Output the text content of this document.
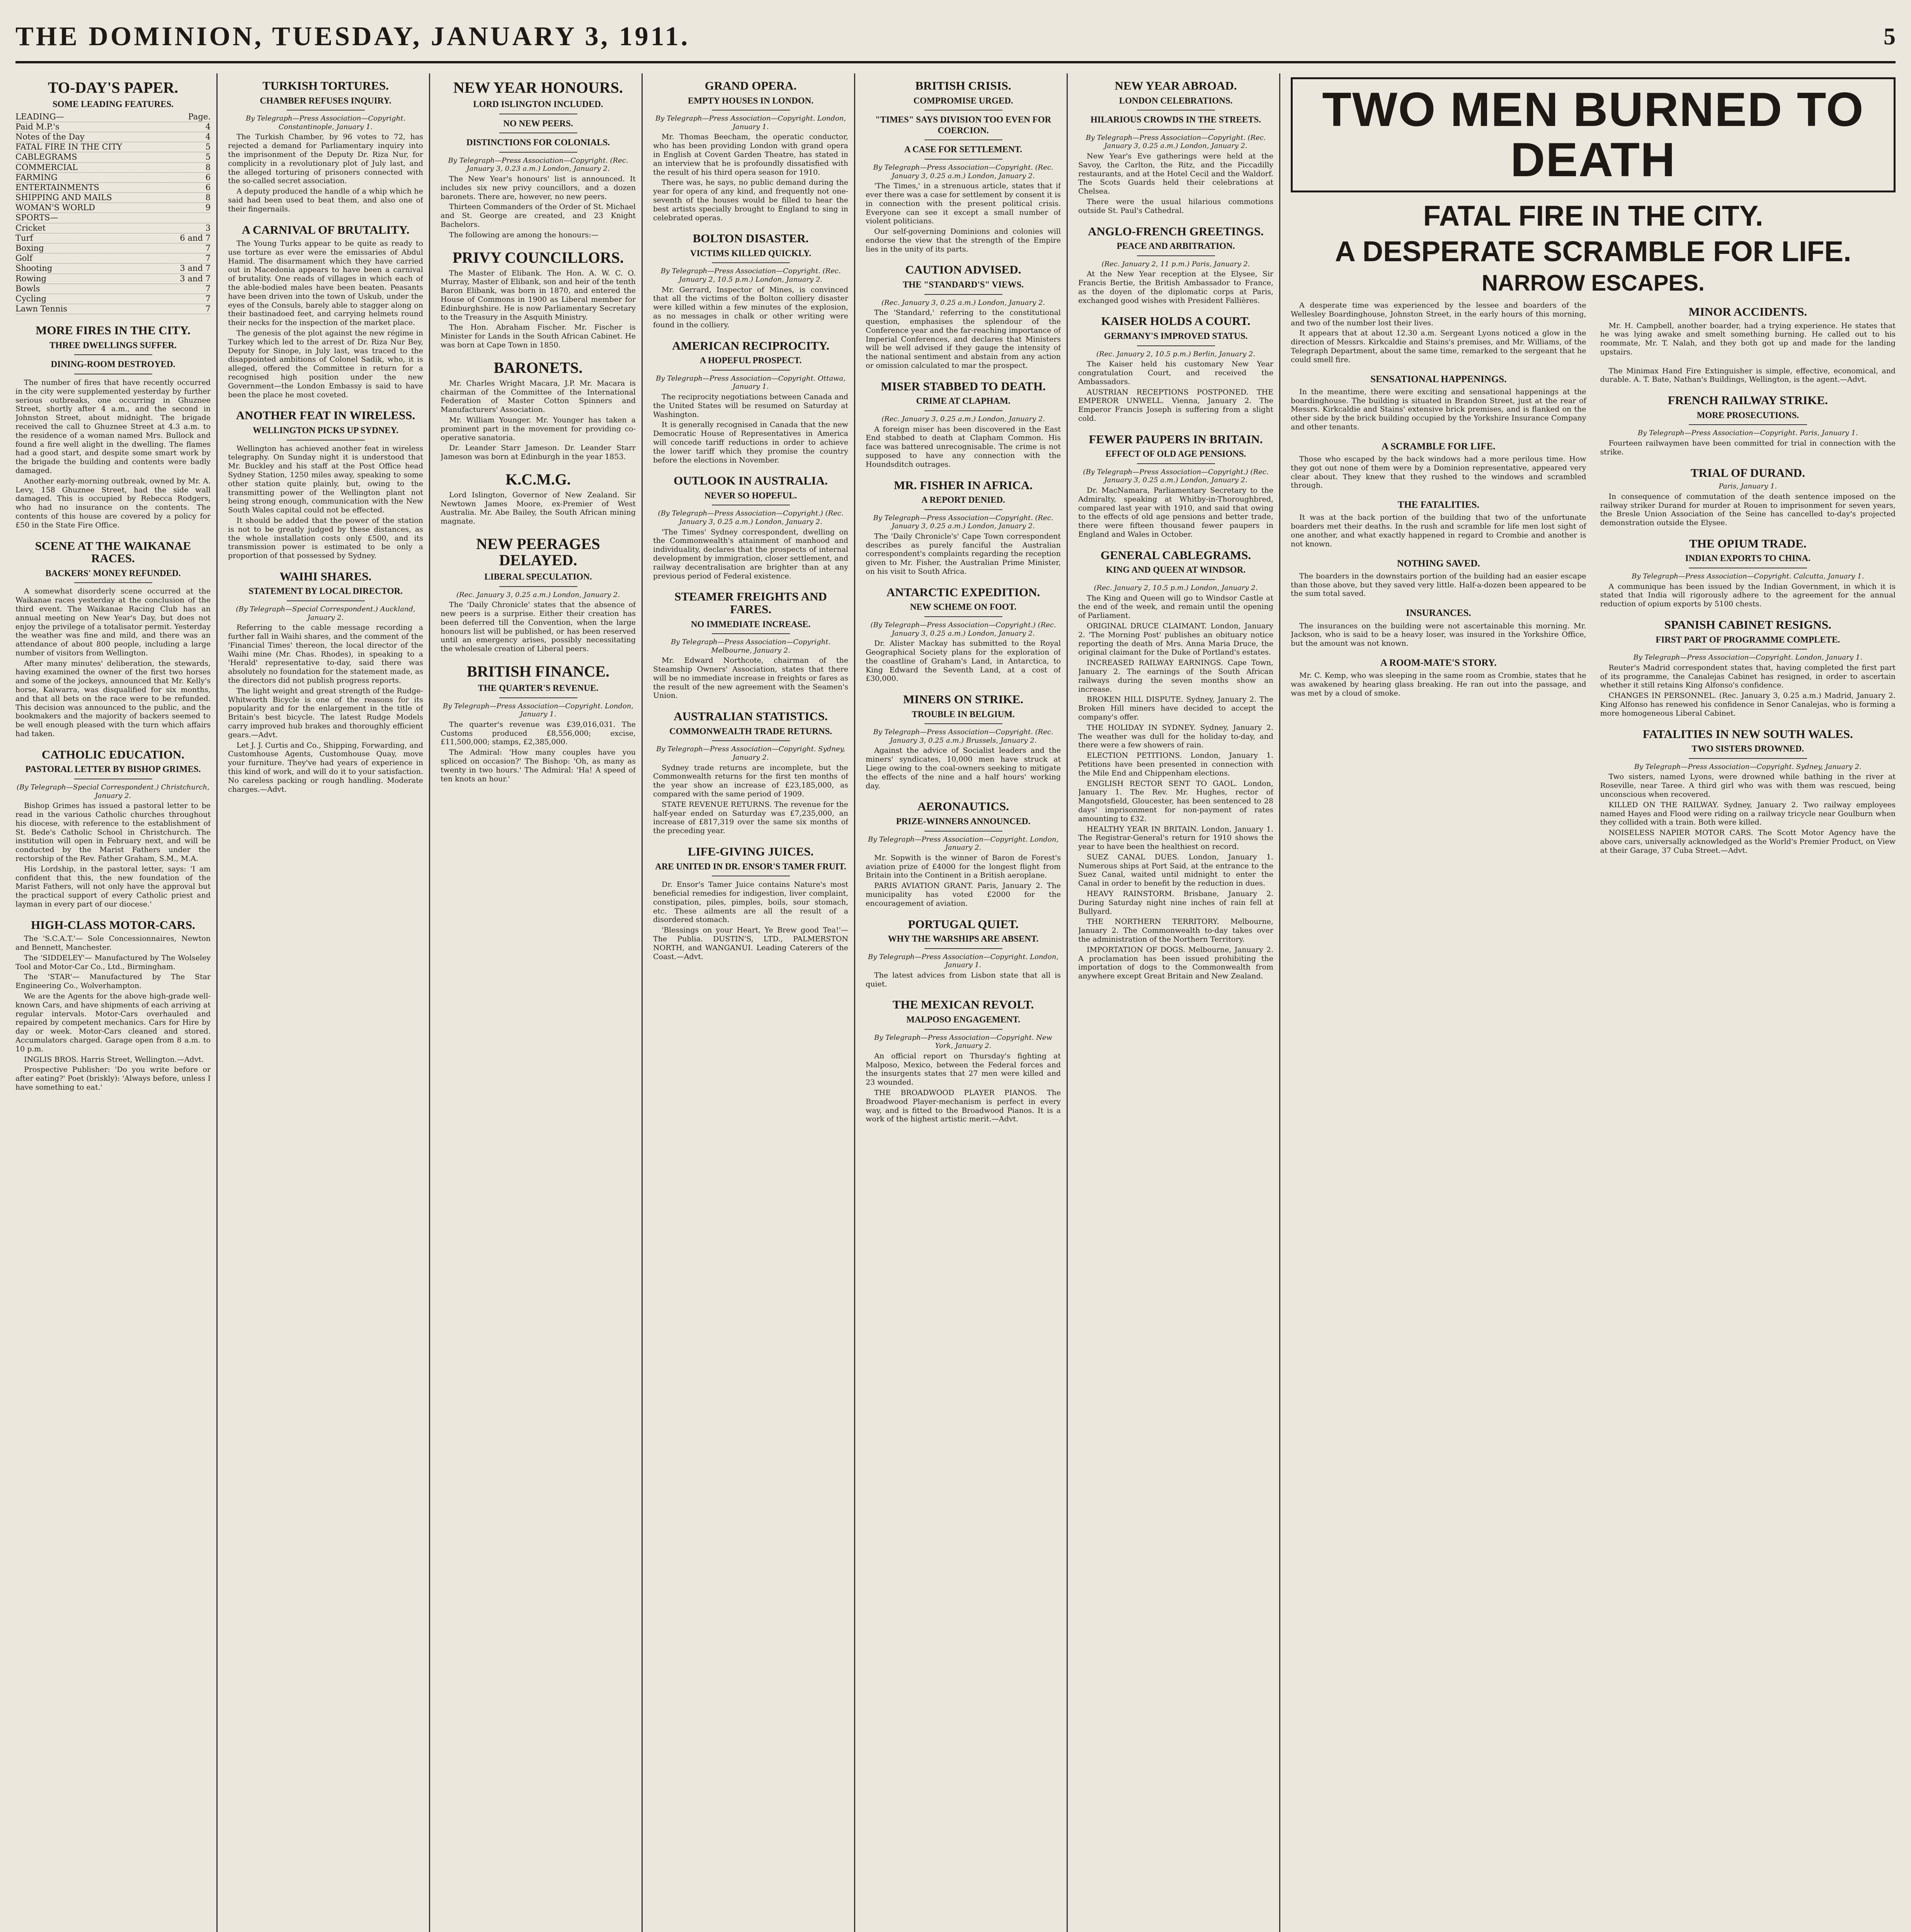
THE DOMINION, TUESDAY, JANUARY 3, 1911.	5
TO-DAY'S PAPER.
SOME LEADING FEATURES.
LEADING—	Page.
Paid M.P.'s	4
Notes of the Day	4
FATAL FIRE IN THE CITY	5
CABLEGRAMS	5
COMMERCIAL	8
FARMING	6
ENTERTAINMENTS	6
SHIPPING AND MAILS	8
WOMAN'S WORLD	9
SPORTS—
Cricket	3
Turf	6 and 7
Boxing	7
Golf	7
Shooting	3 and 7
Rowing	3 and 7
Bowls	7
Cycling	7
Lawn Tennis	7
MORE FIRES IN THE CITY.
THREE DWELLINGS SUFFER.
DINING-ROOM DESTROYED.

The number of fires that have recently occurred in the city were supplemented yesterday by further serious outbreaks, one occurring in Ghuznee Street, shortly after 4 a.m., and the second in Johnston Street, about midnight. The brigade received the call to Ghuznee Street at 4.3 a.m. to the residence of a woman named Mrs. Bullock and found a fire well alight in the dwelling. The flames had a good start, and despite some smart work by the brigade the building and contents were badly damaged.

Another early-morning outbreak, owned by Mr. A. Levy, 158 Ghuznee Street, had the side wall damaged. This is occupied by Rebecca Rodgers, who had no insurance on the contents. The contents of this house are covered by a policy for £50 in the State Fire Office.

SCENE AT THE WAIKANAE RACES.
BACKERS' MONEY REFUNDED.

A somewhat disorderly scene occurred at the Waikanae races yesterday at the conclusion of the third event. The Waikanae Racing Club has an annual meeting on New Year's Day, but does not enjoy the privilege of a totalisator permit. Yesterday the weather was fine and mild, and there was an attendance of about 800 people, including a large number of visitors from Wellington.

After many minutes' deliberation, the stewards, having examined the owner of the first two horses and some of the jockeys, announced that Mr. Kelly's horse, Kaiwarra, was disqualified for six months, and that all bets on the race were to be refunded. This decision was announced to the public, and the bookmakers and the majority of backers seemed to be well enough pleased with the turn which affairs had taken.

CATHOLIC EDUCATION.
PASTORAL LETTER BY BISHOP GRIMES.
(By Telegraph—Special Correspondent.) Christchurch, January 2.

Bishop Grimes has issued a pastoral letter to be read in the various Catholic churches throughout his diocese, with reference to the establishment of St. Bede's Catholic School in Christchurch. The institution will open in February next, and will be conducted by the Marist Fathers under the rectorship of the Rev. Father Graham, S.M., M.A.

His Lordship, in the pastoral letter, says: 'I am confident that this, the new foundation of the Marist Fathers, will not only have the approval but the practical support of every Catholic priest and layman in every part of our diocese.'

HIGH-CLASS MOTOR-CARS.

The 'S.C.A.T.'— Sole Concessionnaires, Newton and Bennett, Manchester.

The 'SIDDELEY'— Manufactured by The Wolseley Tool and Motor-Car Co., Ltd., Birmingham.

The 'STAR'— Manufactured by The Star Engineering Co., Wolverhampton.

We are the Agents for the above high-grade well-known Cars, and have shipments of each arriving at regular intervals. Motor-Cars overhauled and repaired by competent mechanics. Cars for Hire by day or week. Motor-Cars cleaned and stored. Accumulators charged. Garage open from 8 a.m. to 10 p.m.

INGLIS BROS. Harris Street, Wellington.—Advt.

Prospective Publisher: 'Do you write before or after eating?' Poet (briskly): 'Always before, unless I have something to eat.'

TURKISH TORTURES.
CHAMBER REFUSES INQUIRY.
By Telegraph—Press Association—Copyright. Constantinople, January 1.

The Turkish Chamber, by 96 votes to 72, has rejected a demand for Parliamentary inquiry into the imprisonment of the Deputy Dr. Riza Nur, for complicity in a revolutionary plot of July last, and the alleged torturing of prisoners connected with the so-called secret association.

A deputy produced the handle of a whip which he said had been used to beat them, and also one of their fingernails.

A CARNIVAL OF BRUTALITY.

The Young Turks appear to be quite as ready to use torture as ever were the emissaries of Abdul Hamid. The disarmament which they have carried out in Macedonia appears to have been a carnival of brutality. One reads of villages in which each of the able-bodied males have been beaten. Peasants have been driven into the town of Uskub, under the eyes of the Consuls, barely able to stagger along on their bastinadoed feet, and carrying helmets round their necks for the inspection of the market place.

The genesis of the plot against the new régime in Turkey which led to the arrest of Dr. Riza Nur Bey, Deputy for Sinope, in July last, was traced to the disappointed ambitions of Colonel Sadik, who, it is alleged, offered the Committee in return for a recognised high position under the new Government—the London Embassy is said to have been the place he most coveted.

ANOTHER FEAT IN WIRELESS.
WELLINGTON PICKS UP SYDNEY.

Wellington has achieved another feat in wireless telegraphy. On Sunday night it is understood that Mr. Buckley and his staff at the Post Office head Sydney Station, 1250 miles away, speaking to some other station quite plainly, but, owing to the transmitting power of the Wellington plant not being strong enough, communication with the New South Wales capital could not be effected.

It should be added that the power of the station is not to be greatly judged by these distances, as the whole installation costs only £500, and its transmission power is estimated to be only a proportion of that possessed by Sydney.

WAIHI SHARES.
STATEMENT BY LOCAL DIRECTOR.
(By Telegraph—Special Correspondent.) Auckland, January 2.

Referring to the cable message recording a further fall in Waihi shares, and the comment of the 'Financial Times' thereon, the local director of the Waihi mine (Mr. Chas. Rhodes), in speaking to a 'Herald' representative to-day, said there was absolutely no foundation for the statement made, as the directors did not publish progress reports.

The light weight and great strength of the Rudge-Whitworth Bicycle is one of the reasons for its popularity and for the enlargement in the title of Britain's best bicycle. The latest Rudge Models carry improved hub brakes and thoroughly efficient gears.—Advt.

Let J. J. Curtis and Co., Shipping, Forwarding, and Customhouse Agents, Customhouse Quay, move your furniture. They've had years of experience in this kind of work, and will do it to your satisfaction. No careless packing or rough handling. Moderate charges.—Advt.

NEW YEAR HONOURS.
LORD ISLINGTON INCLUDED.
NO NEW PEERS.
DISTINCTIONS FOR COLONIALS.
By Telegraph—Press Association—Copyright. (Rec. January 3, 0.23 a.m.) London, January 2.

The New Year's honours' list is announced. It includes six new privy councillors, and a dozen baronets. There are, however, no new peers.

Thirteen Commanders of the Order of St. Michael and St. George are created, and 23 Knight Bachelors.

The following are among the honours:—

PRIVY COUNCILLORS.

The Master of Elibank. The Hon. A. W. C. O. Murray, Master of Elibank, son and heir of the tenth Baron Elibank, was born in 1870, and entered the House of Commons in 1900 as Liberal member for Edinburghshire. He is now Parliamentary Secretary to the Treasury in the Asquith Ministry.

The Hon. Abraham Fischer. Mr. Fischer is Minister for Lands in the South African Cabinet. He was born at Cape Town in 1850.

BARONETS.

Mr. Charles Wright Macara, J.P. Mr. Macara is chairman of the Committee of the International Federation of Master Cotton Spinners and Manufacturers' Association.

Mr. William Younger. Mr. Younger has taken a prominent part in the movement for providing co-operative sanatoria.

Dr. Leander Starr Jameson. Dr. Leander Starr Jameson was born at Edinburgh in the year 1853.

K.C.M.G.

Lord Islington, Governor of New Zealand. Sir Newtown James Moore, ex-Premier of West Australia. Mr. Abe Bailey, the South African mining magnate.

NEW PEERAGES DELAYED.
LIBERAL SPECULATION.
(Rec. January 3, 0.25 a.m.) London, January 2.

The 'Daily Chronicle' states that the absence of new peers is a surprise. Either their creation has been deferred till the Convention, when the large honours list will be published, or has been reserved until an emergency arises, possibly necessitating the wholesale creation of Liberal peers.

BRITISH FINANCE.
THE QUARTER'S REVENUE.
By Telegraph—Press Association—Copyright. London, January 1.

The quarter's revenue was £39,016,031. The Customs produced £8,556,000; excise, £11,500,000; stamps, £2,385,000.

The Admiral: 'How many couples have you spliced on occasion?' The Bishop: 'Oh, as many as twenty in two hours.' The Admiral: 'Ha! A speed of ten knots an hour.'

GRAND OPERA.
EMPTY HOUSES IN LONDON.
By Telegraph—Press Association—Copyright. London, January 1.

Mr. Thomas Beecham, the operatic conductor, who has been providing London with grand opera in English at Covent Garden Theatre, has stated in an interview that he is profoundly dissatisfied with the result of his third opera season for 1910.

There was, he says, no public demand during the year for opera of any kind, and frequently not one-seventh of the houses would be filled to hear the best artists specially brought to England to sing in celebrated operas.

BOLTON DISASTER.
VICTIMS KILLED QUICKLY.
By Telegraph—Press Association—Copyright. (Rec. January 2, 10.5 p.m.) London, January 2.

Mr. Gerrard, Inspector of Mines, is convinced that all the victims of the Bolton colliery disaster were killed within a few minutes of the explosion, as no messages in chalk or other writing were found in the colliery.

AMERICAN RECIPROCITY.
A HOPEFUL PROSPECT.
By Telegraph—Press Association—Copyright. Ottawa, January 1.

The reciprocity negotiations between Canada and the United States will be resumed on Saturday at Washington.

It is generally recognised in Canada that the new Democratic House of Representatives in America will concede tariff reductions in order to achieve the lower tariff which they promise the country before the elections in November.

OUTLOOK IN AUSTRALIA.
NEVER SO HOPEFUL.
(By Telegraph—Press Association—Copyright.) (Rec. January 3, 0.25 a.m.) London, January 2.

'The Times' Sydney correspondent, dwelling on the Commonwealth's attainment of manhood and individuality, declares that the prospects of internal development by immigration, closer settlement, and railway decentralisation are brighter than at any previous period of Federal existence.

STEAMER FREIGHTS AND FARES.
NO IMMEDIATE INCREASE.
By Telegraph—Press Association—Copyright. Melbourne, January 2.

Mr. Edward Northcote, chairman of the Steamship Owners' Association, states that there will be no immediate increase in freights or fares as the result of the new agreement with the Seamen's Union.

AUSTRALIAN STATISTICS.
COMMONWEALTH TRADE RETURNS.
By Telegraph—Press Association—Copyright. Sydney, January 2.

Sydney trade returns are incomplete, but the Commonwealth returns for the first ten months of the year show an increase of £23,185,000, as compared with the same period of 1909.

STATE REVENUE RETURNS. The revenue for the half-year ended on Saturday was £7,235,000, an increase of £817,319 over the same six months of the preceding year.

LIFE-GIVING JUICES.
ARE UNITED IN DR. ENSOR'S TAMER FRUIT.

Dr. Ensor's Tamer Juice contains Nature's most beneficial remedies for indigestion, liver complaint, constipation, piles, pimples, boils, sour stomach, etc. These ailments are all the result of a disordered stomach.

'Blessings on your Heart, Ye Brew good Tea!'—The Publia. DUSTIN'S, LTD., PALMERSTON NORTH, and WANGANUI. Leading Caterers of the Coast.—Advt.

BRITISH CRISIS.
COMPROMISE URGED.
"TIMES" SAYS DIVISION TOO EVEN FOR COERCION.
A CASE FOR SETTLEMENT.
By Telegraph—Press Association—Copyright. (Rec. January 3, 0.25 a.m.) London, January 2.

'The Times,' in a strenuous article, states that if ever there was a case for settlement by consent it is in connection with the present political crisis. Everyone can see it except a small number of violent politicians.

Our self-governing Dominions and colonies will endorse the view that the strength of the Empire lies in the unity of its parts.

CAUTION ADVISED.
THE "STANDARD'S" VIEWS.
(Rec. January 3, 0.25 a.m.) London, January 2.

The 'Standard,' referring to the constitutional question, emphasises the splendour of the Conference year and the far-reaching importance of Imperial Conferences, and declares that Ministers will be well advised if they gauge the intensity of the national sentiment and abstain from any action or omission calculated to mar the prospect.

MISER STABBED TO DEATH.
CRIME AT CLAPHAM.
(Rec. January 3, 0.25 a.m.) London, January 2.

A foreign miser has been discovered in the East End stabbed to death at Clapham Common. His face was battered unrecognisable. The crime is not supposed to have any connection with the Houndsditch outrages.

MR. FISHER IN AFRICA.
A REPORT DENIED.
By Telegraph—Press Association—Copyright. (Rec. January 3, 0.25 a.m.) London, January 2.

The 'Daily Chronicle's' Cape Town correspondent describes as purely fanciful the Australian correspondent's complaints regarding the reception given to Mr. Fisher, the Australian Prime Minister, on his visit to South Africa.

ANTARCTIC EXPEDITION.
NEW SCHEME ON FOOT.
(By Telegraph—Press Association—Copyright.) (Rec. January 3, 0.25 a.m.) London, January 2.

Dr. Alister Mackay has submitted to the Royal Geographical Society plans for the exploration of the coastline of Graham's Land, in Antarctica, to King Edward the Seventh Land, at a cost of £30,000.

MINERS ON STRIKE.
TROUBLE IN BELGIUM.
By Telegraph—Press Association—Copyright. (Rec. January 3, 0.25 a.m.) Brussels, January 2.

Against the advice of Socialist leaders and the miners' syndicates, 10,000 men have struck at Liege owing to the coal-owners seeking to mitigate the effects of the nine and a half hours' working day.

AERONAUTICS.
PRIZE-WINNERS ANNOUNCED.
By Telegraph—Press Association—Copyright. London, January 2.

Mr. Sopwith is the winner of Baron de Forest's aviation prize of £4000 for the longest flight from Britain into the Continent in a British aeroplane.

PARIS AVIATION GRANT. Paris, January 2. The municipality has voted £2000 for the encouragement of aviation.

PORTUGAL QUIET.
WHY THE WARSHIPS ARE ABSENT.
By Telegraph—Press Association—Copyright. London, January 1.

The latest advices from Lisbon state that all is quiet.

THE MEXICAN REVOLT.
MALPOSO ENGAGEMENT.
By Telegraph—Press Association—Copyright. New York, January 2.

An official report on Thursday's fighting at Malposo, Mexico, between the Federal forces and the insurgents states that 27 men were killed and 23 wounded.

THE BROADWOOD PLAYER PIANOS. The Broadwood Player-mechanism is perfect in every way, and is fitted to the Broadwood Pianos. It is a work of the highest artistic merit.—Advt.

NEW YEAR ABROAD.
LONDON CELEBRATIONS.
HILARIOUS CROWDS IN THE STREETS.
By Telegraph—Press Association—Copyright. (Rec. January 3, 0.25 a.m.) London, January 2.

New Year's Eve gatherings were held at the Savoy, the Carlton, the Ritz, and the Piccadilly restaurants, and at the Hotel Cecil and the Waldorf. The Scots Guards held their celebrations at Chelsea.

There were the usual hilarious commotions outside St. Paul's Cathedral.

ANGLO-FRENCH GREETINGS.
PEACE AND ARBITRATION.
(Rec. January 2, 11 p.m.) Paris, January 2.

At the New Year reception at the Elysee, Sir Francis Bertie, the British Ambassador to France, as the doyen of the diplomatic corps at Paris, exchanged good wishes with President Fallières.

KAISER HOLDS A COURT.
GERMANY'S IMPROVED STATUS.
(Rec. January 2, 10.5 p.m.) Berlin, January 2.

The Kaiser held his customary New Year congratulation Court, and received the Ambassadors.

AUSTRIAN RECEPTIONS POSTPONED. THE EMPEROR UNWELL. Vienna, January 2. The Emperor Francis Joseph is suffering from a slight cold.

FEWER PAUPERS IN BRITAIN.
EFFECT OF OLD AGE PENSIONS.
(By Telegraph—Press Association—Copyright.) (Rec. January 3, 0.25 a.m.) London, January 2.

Dr. MacNamara, Parliamentary Secretary to the Admiralty, speaking at Whitby-in-Thoroughbred, compared last year with 1910, and said that owing to the effects of old age pensions and better trade, there were fifteen thousand fewer paupers in England and Wales in October.

GENERAL CABLEGRAMS.
KING AND QUEEN AT WINDSOR.
(Rec. January 2, 10.5 p.m.) London, January 2.

The King and Queen will go to Windsor Castle at the end of the week, and remain until the opening of Parliament.

ORIGINAL DRUCE CLAIMANT. London, January 2. 'The Morning Post' publishes an obituary notice reporting the death of Mrs. Anna Maria Druce, the original claimant for the Duke of Portland's estates.

INCREASED RAILWAY EARNINGS. Cape Town, January 2. The earnings of the South African railways during the seven months show an increase.

BROKEN HILL DISPUTE. Sydney, January 2. The Broken Hill miners have decided to accept the company's offer.

THE HOLIDAY IN SYDNEY. Sydney, January 2. The weather was dull for the holiday to-day, and there were a few showers of rain.

ELECTION PETITIONS. London, January 1. Petitions have been presented in connection with the Mile End and Chippenham elections.

ENGLISH RECTOR SENT TO GAOL. London, January 1. The Rev. Mr. Hughes, rector of Mangotsfield, Gloucester, has been sentenced to 28 days' imprisonment for non-payment of rates amounting to £32.

HEALTHY YEAR IN BRITAIN. London, January 1. The Registrar-General's return for 1910 shows the year to have been the healthiest on record.

SUEZ CANAL DUES. London, January 1. Numerous ships at Port Said, at the entrance to the Suez Canal, waited until midnight to enter the Canal in order to benefit by the reduction in dues.

HEAVY RAINSTORM. Brisbane, January 2. During Saturday night nine inches of rain fell at Bullyard.

THE NORTHERN TERRITORY. Melbourne, January 2. The Commonwealth to-day takes over the administration of the Northern Territory.

IMPORTATION OF DOGS. Melbourne, January 2. A proclamation has been issued prohibiting the importation of dogs to the Commonwealth from anywhere except Great Britain and New Zealand.

TWO MEN BURNED TO DEATH
FATAL FIRE IN THE CITY.
A DESPERATE SCRAMBLE FOR LIFE.
NARROW ESCAPES.

A desperate time was experienced by the lessee and boarders of the Wellesley Boardinghouse, Johnston Street, in the early hours of this morning, and two of the number lost their lives.

It appears that at about 12.30 a.m. Sergeant Lyons noticed a glow in the direction of Messrs. Kirkcaldie and Stains's premises, and Mr. Williams, of the Telegraph Department, about the same time, remarked to the sergeant that he could smell fire.

SENSATIONAL HAPPENINGS.

In the meantime, there were exciting and sensational happenings at the boardinghouse. The building is situated in Brandon Street, just at the rear of Messrs. Kirkcaldie and Stains' extensive brick premises, and is flanked on the other side by the brick building occupied by the Yorkshire Insurance Company and other tenants.

A SCRAMBLE FOR LIFE.

Those who escaped by the back windows had a more perilous time. How they got out none of them were by a Dominion representative, appeared very clear about. They knew that they rushed to the windows and scrambled through.

THE FATALITIES.

It was at the back portion of the building that two of the unfortunate boarders met their deaths. In the rush and scramble for life men lost sight of one another, and what exactly happened in regard to Crombie and another is not known.

NOTHING SAVED.

The boarders in the downstairs portion of the building had an easier escape than those above, but they saved very little. Half-a-dozen been appeared to be the sum total saved.

INSURANCES.

The insurances on the building were not ascertainable this morning. Mr. Jackson, who is said to be a heavy loser, was insured in the Yorkshire Office, but the amount was not known.

A ROOM-MATE'S STORY.

Mr. C. Kemp, who was sleeping in the same room as Crombie, states that he was awakened by hearing glass breaking. He ran out into the passage, and was met by a cloud of smoke.

MINOR ACCIDENTS.

Mr. H. Campbell, another boarder, had a trying experience. He states that he was lying awake and smelt something burning. He called out to his roommate, Mr. T. Nalah, and they both got up and made for the landing upstairs.

The Minimax Hand Fire Extinguisher is simple, effective, economical, and durable. A. T. Bate, Nathan's Buildings, Wellington, is the agent.—Advt.

FRENCH RAILWAY STRIKE.
MORE PROSECUTIONS.
By Telegraph—Press Association—Copyright. Paris, January 1.

Fourteen railwaymen have been committed for trial in connection with the strike.

TRIAL OF DURAND.
Paris, January 1.

In consequence of commutation of the death sentence imposed on the railway striker Durand for murder at Rouen to imprisonment for seven years, the Bresle Union Association of the Seine has cancelled to-day's projected demonstration outside the Elysee.

THE OPIUM TRADE.
INDIAN EXPORTS TO CHINA.
By Telegraph—Press Association—Copyright. Calcutta, January 1.

A communique has been issued by the Indian Government, in which it is stated that India will rigorously adhere to the agreement for the annual reduction of opium exports by 5100 chests.

SPANISH CABINET RESIGNS.
FIRST PART OF PROGRAMME COMPLETE.
By Telegraph—Press Association—Copyright. London, January 1.

Reuter's Madrid correspondent states that, having completed the first part of its programme, the Canalejas Cabinet has resigned, in order to ascertain whether it still retains King Alfonso's confidence.

CHANGES IN PERSONNEL. (Rec. January 3, 0.25 a.m.) Madrid, January 2. King Alfonso has renewed his confidence in Senor Canalejas, who is forming a more homogeneous Liberal Cabinet.

FATALITIES IN NEW SOUTH WALES.
TWO SISTERS DROWNED.
By Telegraph—Press Association—Copyright. Sydney, January 2.

Two sisters, named Lyons, were drowned while bathing in the river at Roseville, near Taree. A third girl who was with them was rescued, being unconscious when recovered.

KILLED ON THE RAILWAY. Sydney, January 2. Two railway employees named Hayes and Flood were riding on a railway tricycle near Goulburn when they collided with a train. Both were killed.

NOISELESS NAPIER MOTOR CARS. The Scott Motor Agency have the above cars, universally acknowledged as the World's Premier Product, on View at their Garage, 37 Cuba Street.—Advt.
